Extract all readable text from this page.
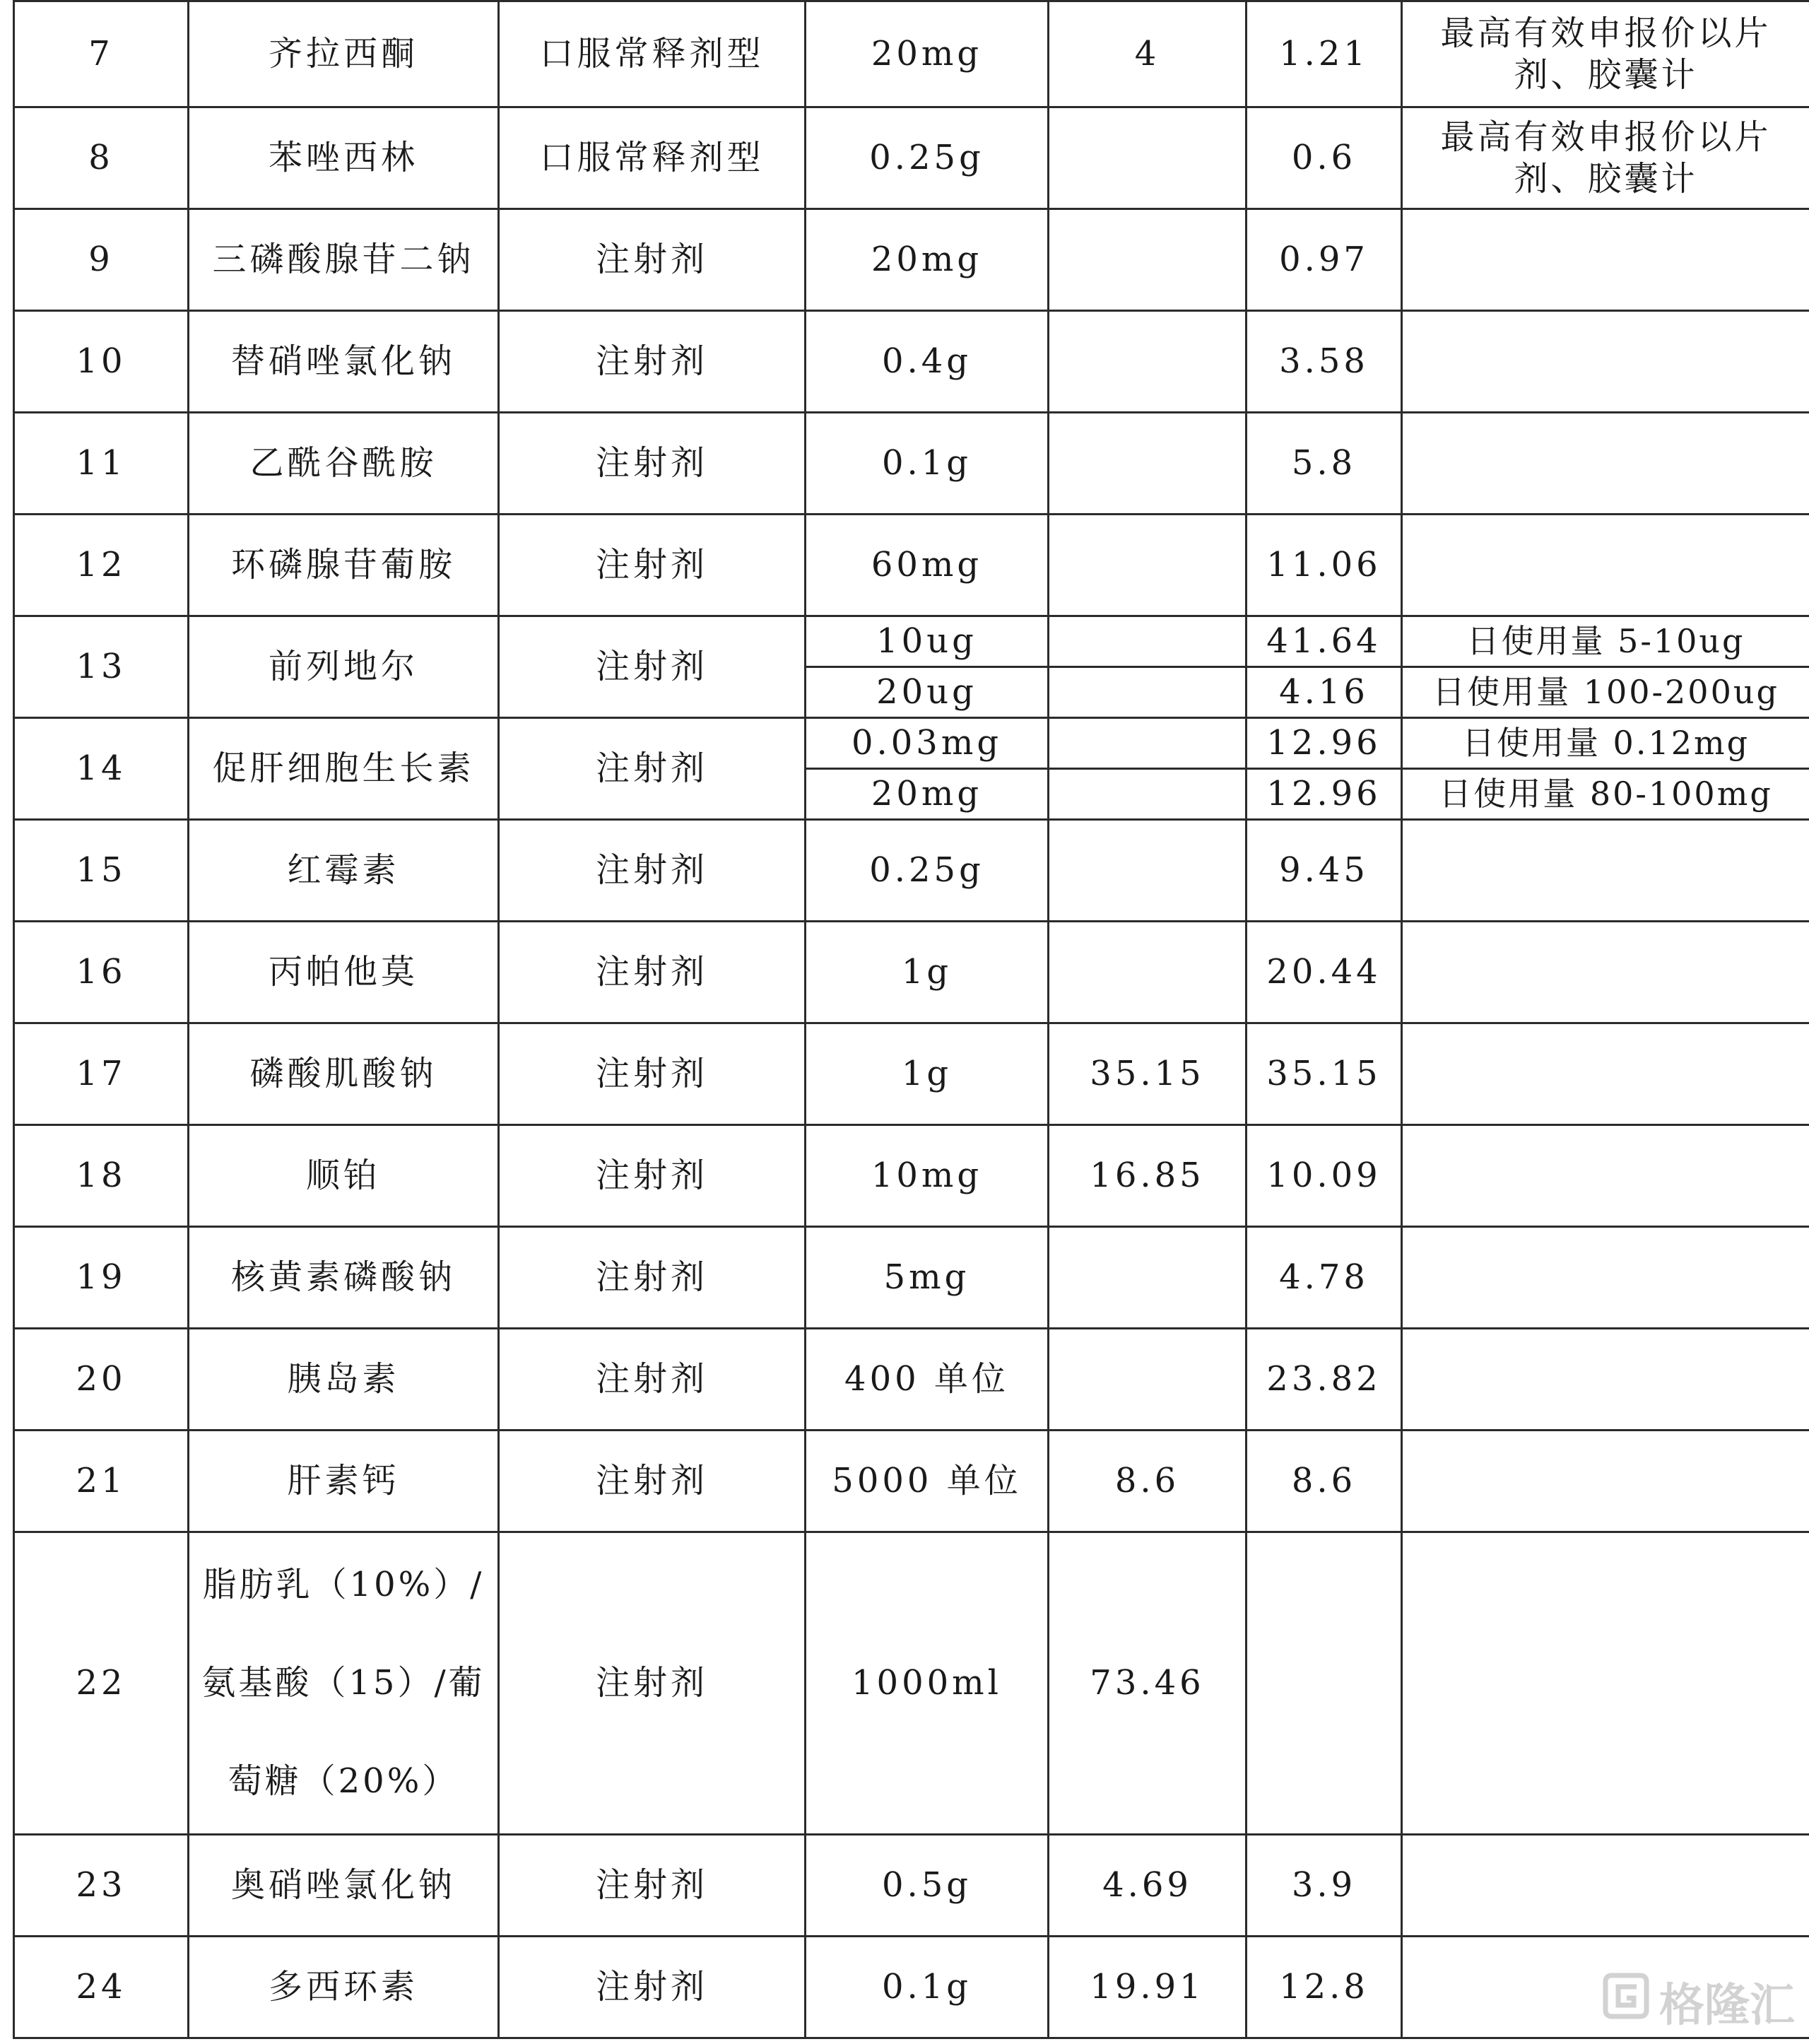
7	齐拉西酮	口服常释剂型	20mg	4	1.21	最高有效申报价以片剂、胶囊计
8	苯唑西林	口服常释剂型	0.25g		0.6	最高有效申报价以片剂、胶囊计
9	三磷酸腺苷二钠	注射剂	20mg		0.97	
10	替硝唑氯化钠	注射剂	0.4g		3.58	
11	乙酰谷酰胺	注射剂	0.1g		5.8	
12	环磷腺苷葡胺	注射剂	60mg		11.06	
13	前列地尔	注射剂	10ug		41.64	日使用量 5-10ug
			20ug		4.16	日使用量 100-200ug
14	促肝细胞生长素	注射剂	0.03mg		12.96	日使用量 0.12mg
			20mg		12.96	日使用量 80-100mg
15	红霉素	注射剂	0.25g		9.45	
16	丙帕他莫	注射剂	1g		20.44	
17	磷酸肌酸钠	注射剂	1g	35.15	35.15	
18	顺铂	注射剂	10mg	16.85	10.09	
19	核黄素磷酸钠	注射剂	5mg		4.78	
20	胰岛素	注射剂	400 单位		23.82	
21	肝素钙	注射剂	5000 单位	8.6	8.6	
22	脂肪乳（10%）/氨基酸（15）/葡萄糖（20%）	注射剂	1000ml	73.46		
23	奥硝唑氯化钠	注射剂	0.5g	4.69	3.9	
24	多西环素	注射剂	0.1g	19.91	12.8		格隆汇
